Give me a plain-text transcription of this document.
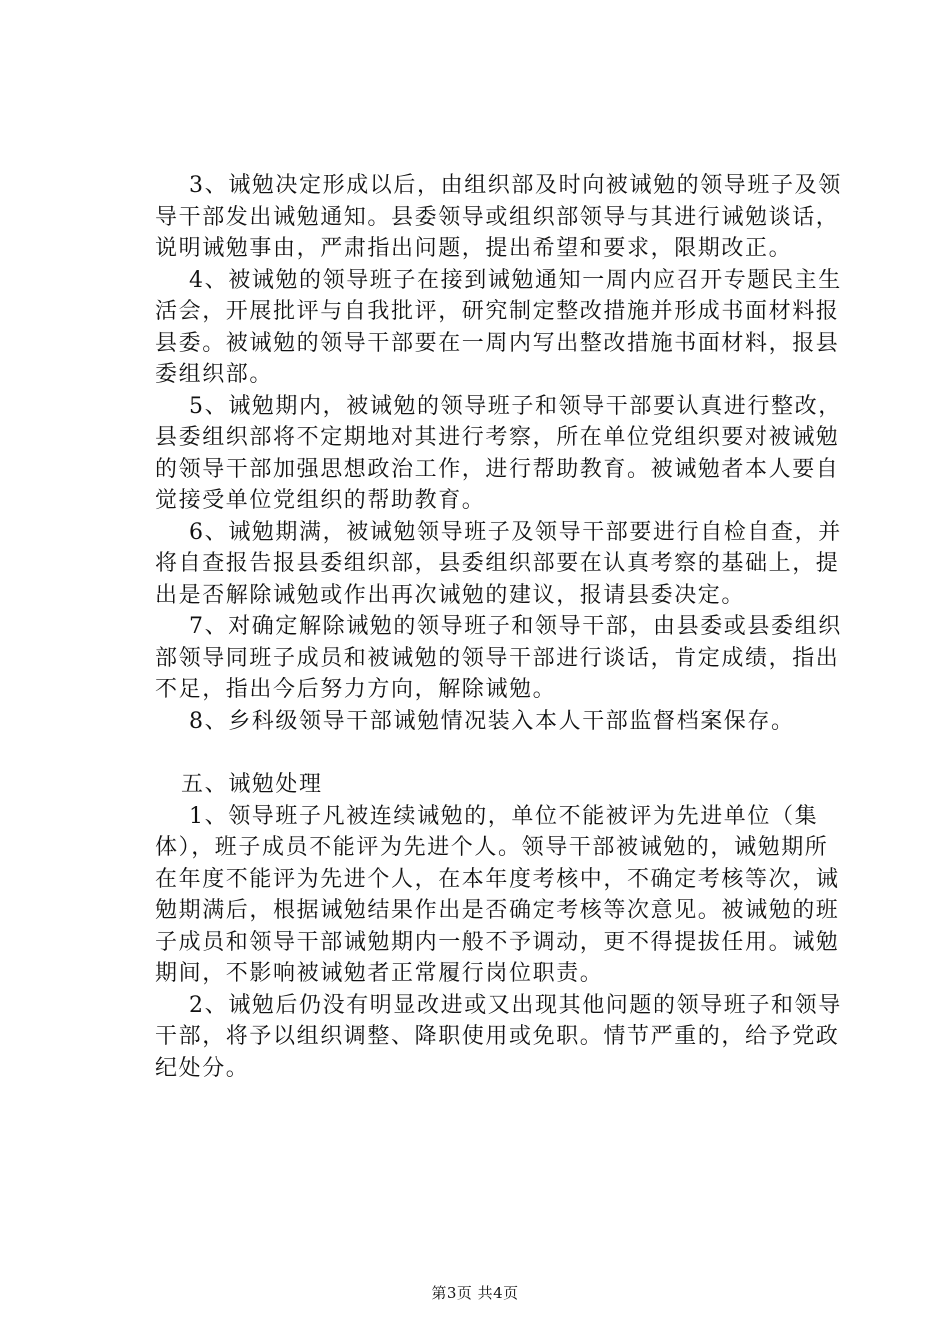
3、诫勉决定形成以后，由组织部及时向被诫勉的领导班子及领导干部发出诫勉通知。县委领导或组织部领导与其进行诫勉谈话，说明诫勉事由，严肃指出问题，提出希望和要求，限期改正。

4、被诫勉的领导班子在接到诫勉通知一周内应召开专题民主生活会，开展批评与自我批评，研究制定整改措施并形成书面材料报县委。被诫勉的领导干部要在一周内写出整改措施书面材料，报县委组织部。

5、诫勉期内，被诫勉的领导班子和领导干部要认真进行整改，县委组织部将不定期地对其进行考察，所在单位党组织要对被诫勉的领导干部加强思想政治工作，进行帮助教育。被诫勉者本人要自觉接受单位党组织的帮助教育。

6、诫勉期满，被诫勉领导班子及领导干部要进行自检自查，并将自查报告报县委组织部，县委组织部要在认真考察的基础上，提出是否解除诫勉或作出再次诫勉的建议，报请县委决定。

7、对确定解除诫勉的领导班子和领导干部，由县委或县委组织部领导同班子成员和被诫勉的领导干部进行谈话，肯定成绩，指出不足，指出今后努力方向，解除诫勉。

8、乡科级领导干部诫勉情况装入本人干部监督档案保存。

五、诫勉处理

1、领导班子凡被连续诫勉的，单位不能被评为先进单位（集体），班子成员不能评为先进个人。领导干部被诫勉的，诫勉期所在年度不能评为先进个人，在本年度考核中，不确定考核等次，诫勉期满后，根据诫勉结果作出是否确定考核等次意见。被诫勉的班子成员和领导干部诫勉期内一般不予调动，更不得提拔任用。诫勉期间，不影响被诫勉者正常履行岗位职责。

2、诫勉后仍没有明显改进或又出现其他问题的领导班子和领导干部，将予以组织调整、降职使用或免职。情节严重的，给予党政纪处分。

第3页 共4页
